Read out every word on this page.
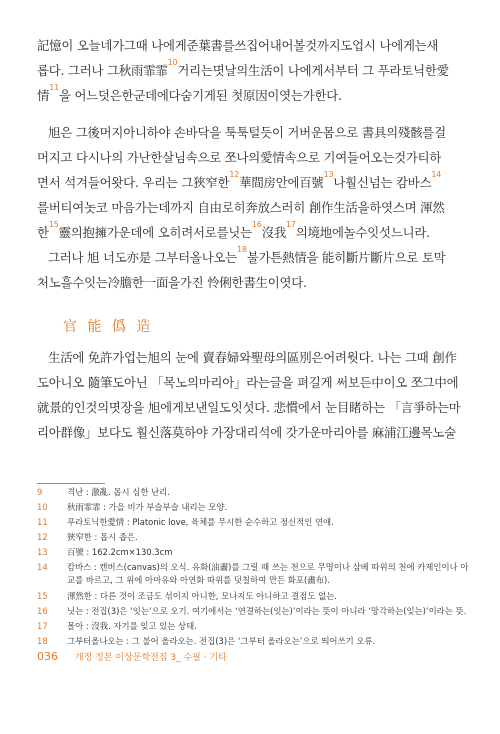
記憶이 오늘네가그때 나에게준葉書를쓰집어내어볼것까지도업시 나에게는새
롭다. 그러나 그秋雨霏霏$^{10}$거리는몃날의生活이 나에게서부터 그 푸라토닉한愛
情$^{11}$을 어느덧은한군데에다숨기게된 첫原因이엿는가한다.
旭은 그後머지아니하야 손바닥을 툭툭털듯이 거버운몸으로 書具의殘骸를걸
머지고 다시나의 가난한살님속으로 쪼나의愛情속으로 기여들어오는것가티하
면서 석겨들어왓다. 우리는 그狹窄한$^{12}$華間房안에百號$^{13}$나훨신넘는 캄바스$^{14}$
를버티여놋코 마음가는데까지 自由로히奔放스러히 創作生活을하엿스며 渾然
한$^{15}$靈의抱擁가운데에 오히려서로를닛는$^{16}$沒我$^{17}$의境地에놀수잇섯느니라.
그러나 旭 너도亦是 그부터올나오는$^{18}$불가튼熱情을 能히斷片斷片으로 토막
처노흘수잇는冷膽한一面을가진 怜俐한書生이엿다.
官 能 僞 造
生活에 免許가업는旭의 눈에 賣春婦와聖母의區別은어려웟다. 나는 그때 創作
도아니오 隨筆도아닌 「목노의마리아」라는글을 펴길게 써보든中이오 쪼그中에
就景的인것의몃장을 旭에게보낸일도잇섯다. 悲慣에서 눈目睹하는 「言爭하는마
리아群像」보다도 훨신落莫하야 가장대리석에 갓가운마리아를 麻浦江邊목노술
9	격난 : 激亂. 몹시 심한 난리.
10	秋雨霏霏 : 가을 비가 부슬부슬 내리는 모양.
11	푸라토닉한愛情 : Platonic love, 육체를 무시한 순수하고 정신적인 연애.
12	狹窄한 : 몹시 좁은.
13	百號 : 162.2cm×130.3cm
14	캄바스 : 캔버스(canvas)의 오식. 유화(油畵)를 그릴 때 쓰는 천으로 무명이나 삼베 따위의 천에 카제인이나 아교를 바르고, 그 위에 아마유와 아연화 따위를 덧칠하여 만든 화포(畵布).
15	渾然한 : 다른 것이 조금도 섞이지 아니한, 모나지도 아니하고 결점도 없는.
16	닛는 : 전집(3)은 ‘잇는’으로 오기. 여기에서는 ‘연결하는(잇는)’이라는 뜻이 아니라 ‘망각하는(잊는)’이라는 뜻.
17	몰아 : 沒我. 자기를 잊고 있는 상태.
18	그부터올나오는 : 그 불어 올라오는. 전집(3)은 ‘그부터 올라오는’으로 띄어쓰기 오류.
036 개정 정본 이상문학전집 3_ 수필 · 기타
